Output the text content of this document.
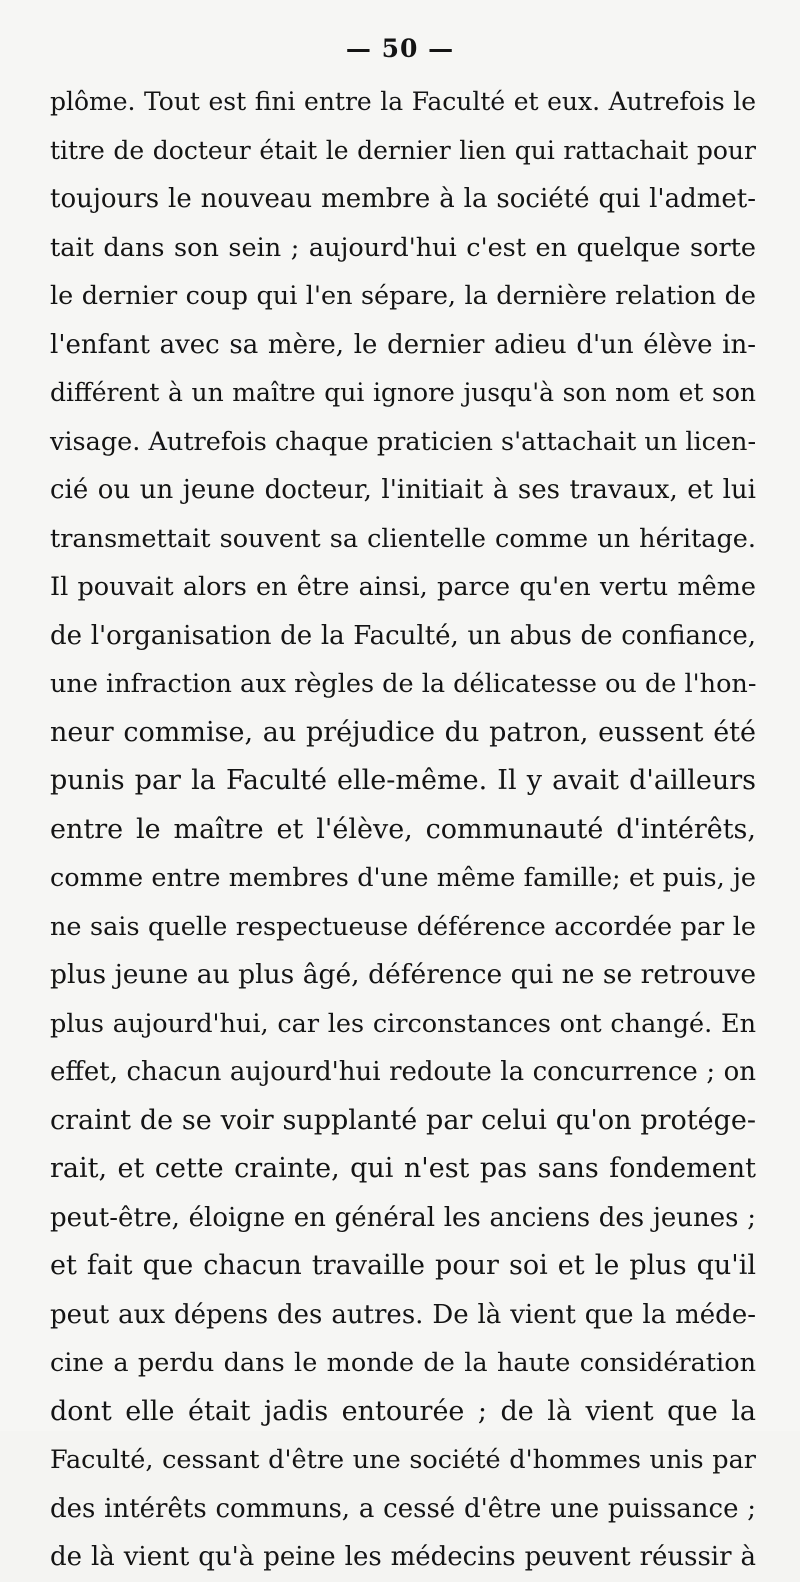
— 50 —
plôme. Tout est fini entre la Faculté et eux. Autrefois le
titre de docteur était le dernier lien qui rattachait pour
toujours le nouveau membre à la société qui l'admet-
tait dans son sein ; aujourd'hui c'est en quelque sorte
le dernier coup qui l'en sépare, la dernière relation de
l'enfant avec sa mère, le dernier adieu d'un élève in-
différent à un maître qui ignore jusqu'à son nom et son
visage. Autrefois chaque praticien s'attachait un licen-
cié ou un jeune docteur, l'initiait à ses travaux, et lui
transmettait souvent sa clientelle comme un héritage.
Il pouvait alors en être ainsi, parce qu'en vertu même
de l'organisation de la Faculté, un abus de confiance,
une infraction aux règles de la délicatesse ou de l'hon-
neur commise, au préjudice du patron, eussent été
punis par la Faculté elle-même. Il y avait d'ailleurs
entre le maître et l'élève, communauté d'intérêts,
comme entre membres d'une même famille; et puis, je
ne sais quelle respectueuse déférence accordée par le
plus jeune au plus âgé, déférence qui ne se retrouve
plus aujourd'hui, car les circonstances ont changé. En
effet, chacun aujourd'hui redoute la concurrence ; on
craint de se voir supplanté par celui qu'on protége-
rait, et cette crainte, qui n'est pas sans fondement
peut-être, éloigne en général les anciens des jeunes ;
et fait que chacun travaille pour soi et le plus qu'il
peut aux dépens des autres. De là vient que la méde-
cine a perdu dans le monde de la haute considération
dont elle était jadis entourée ; de là vient que la
Faculté, cessant d'être une société d'hommes unis par
des intérêts communs, a cessé d'être une puissance ;
de là vient qu'à peine les médecins peuvent réussir à
